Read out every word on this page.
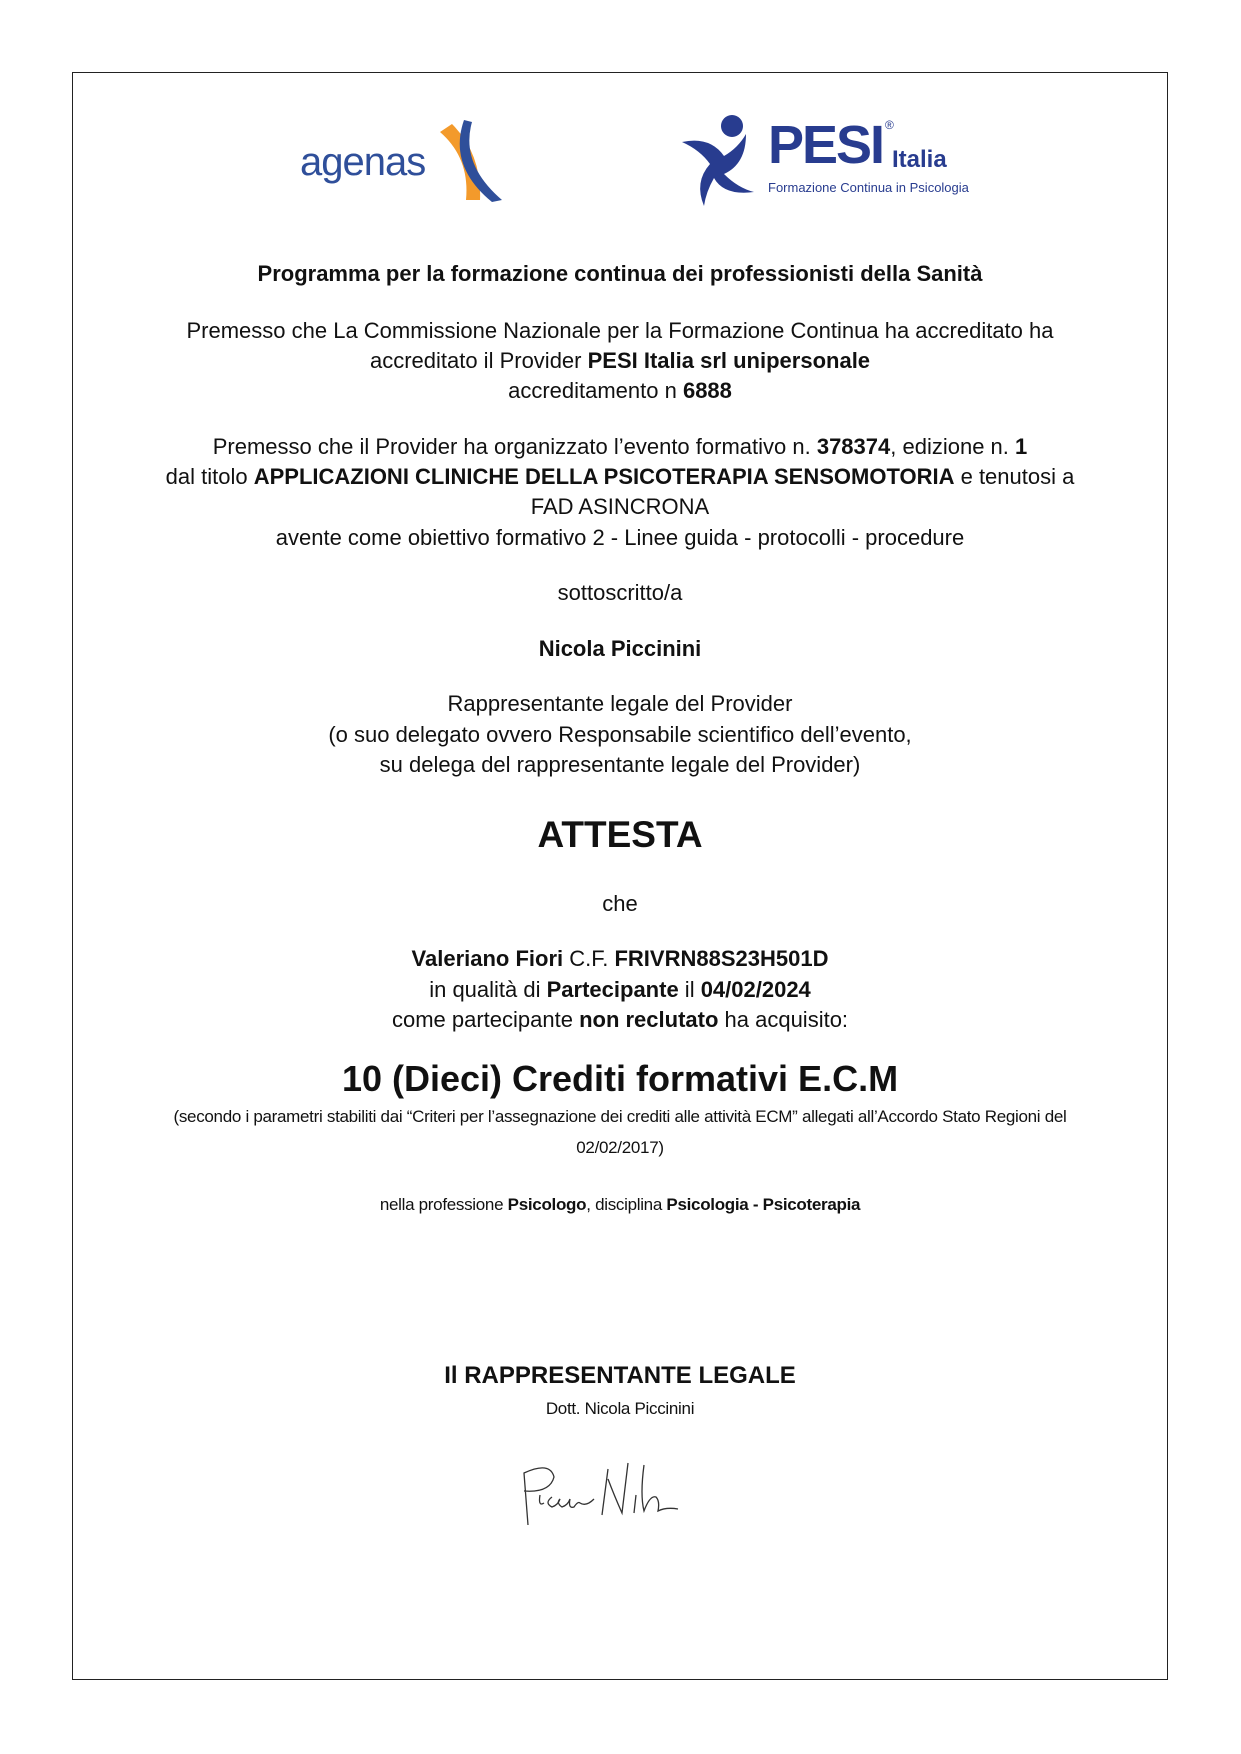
agenas	PESI ®
Italia
Formazione Continua in Psicologia
Programma per la formazione continua dei professionisti della Sanità
Premesso che La Commissione Nazionale per la Formazione Continua ha accreditato ha
accreditato il Provider PESI Italia srl unipersonale
accreditamento n 6888
Premesso che il Provider ha organizzato l’evento formativo n. 378374, edizione n. 1
dal titolo APPLICAZIONI CLINICHE DELLA PSICOTERAPIA SENSOMOTORIA e tenutosi a
FAD ASINCRONA
avente come obiettivo formativo 2 - Linee guida - protocolli - procedure
sottoscritto/a
Nicola Piccinini
Rappresentante legale del Provider
(o suo delegato ovvero Responsabile scientifico dell’evento,
su delega del rappresentante legale del Provider)
ATTESTA
che
Valeriano Fiori C.F. FRIVRN88S23H501D
in qualità di Partecipante il 04/02/2024
come partecipante non reclutato ha acquisito:
10 (Dieci) Crediti formativi E.C.M
(secondo i parametri stabiliti dai “Criteri per l’assegnazione dei crediti alle attività ECM” allegati all’Accordo Stato Regioni del
02/02/2017)
nella professione Psicologo, disciplina Psicologia - Psicoterapia
Il RAPPRESENTANTE LEGALE
Dott. Nicola Piccinini
